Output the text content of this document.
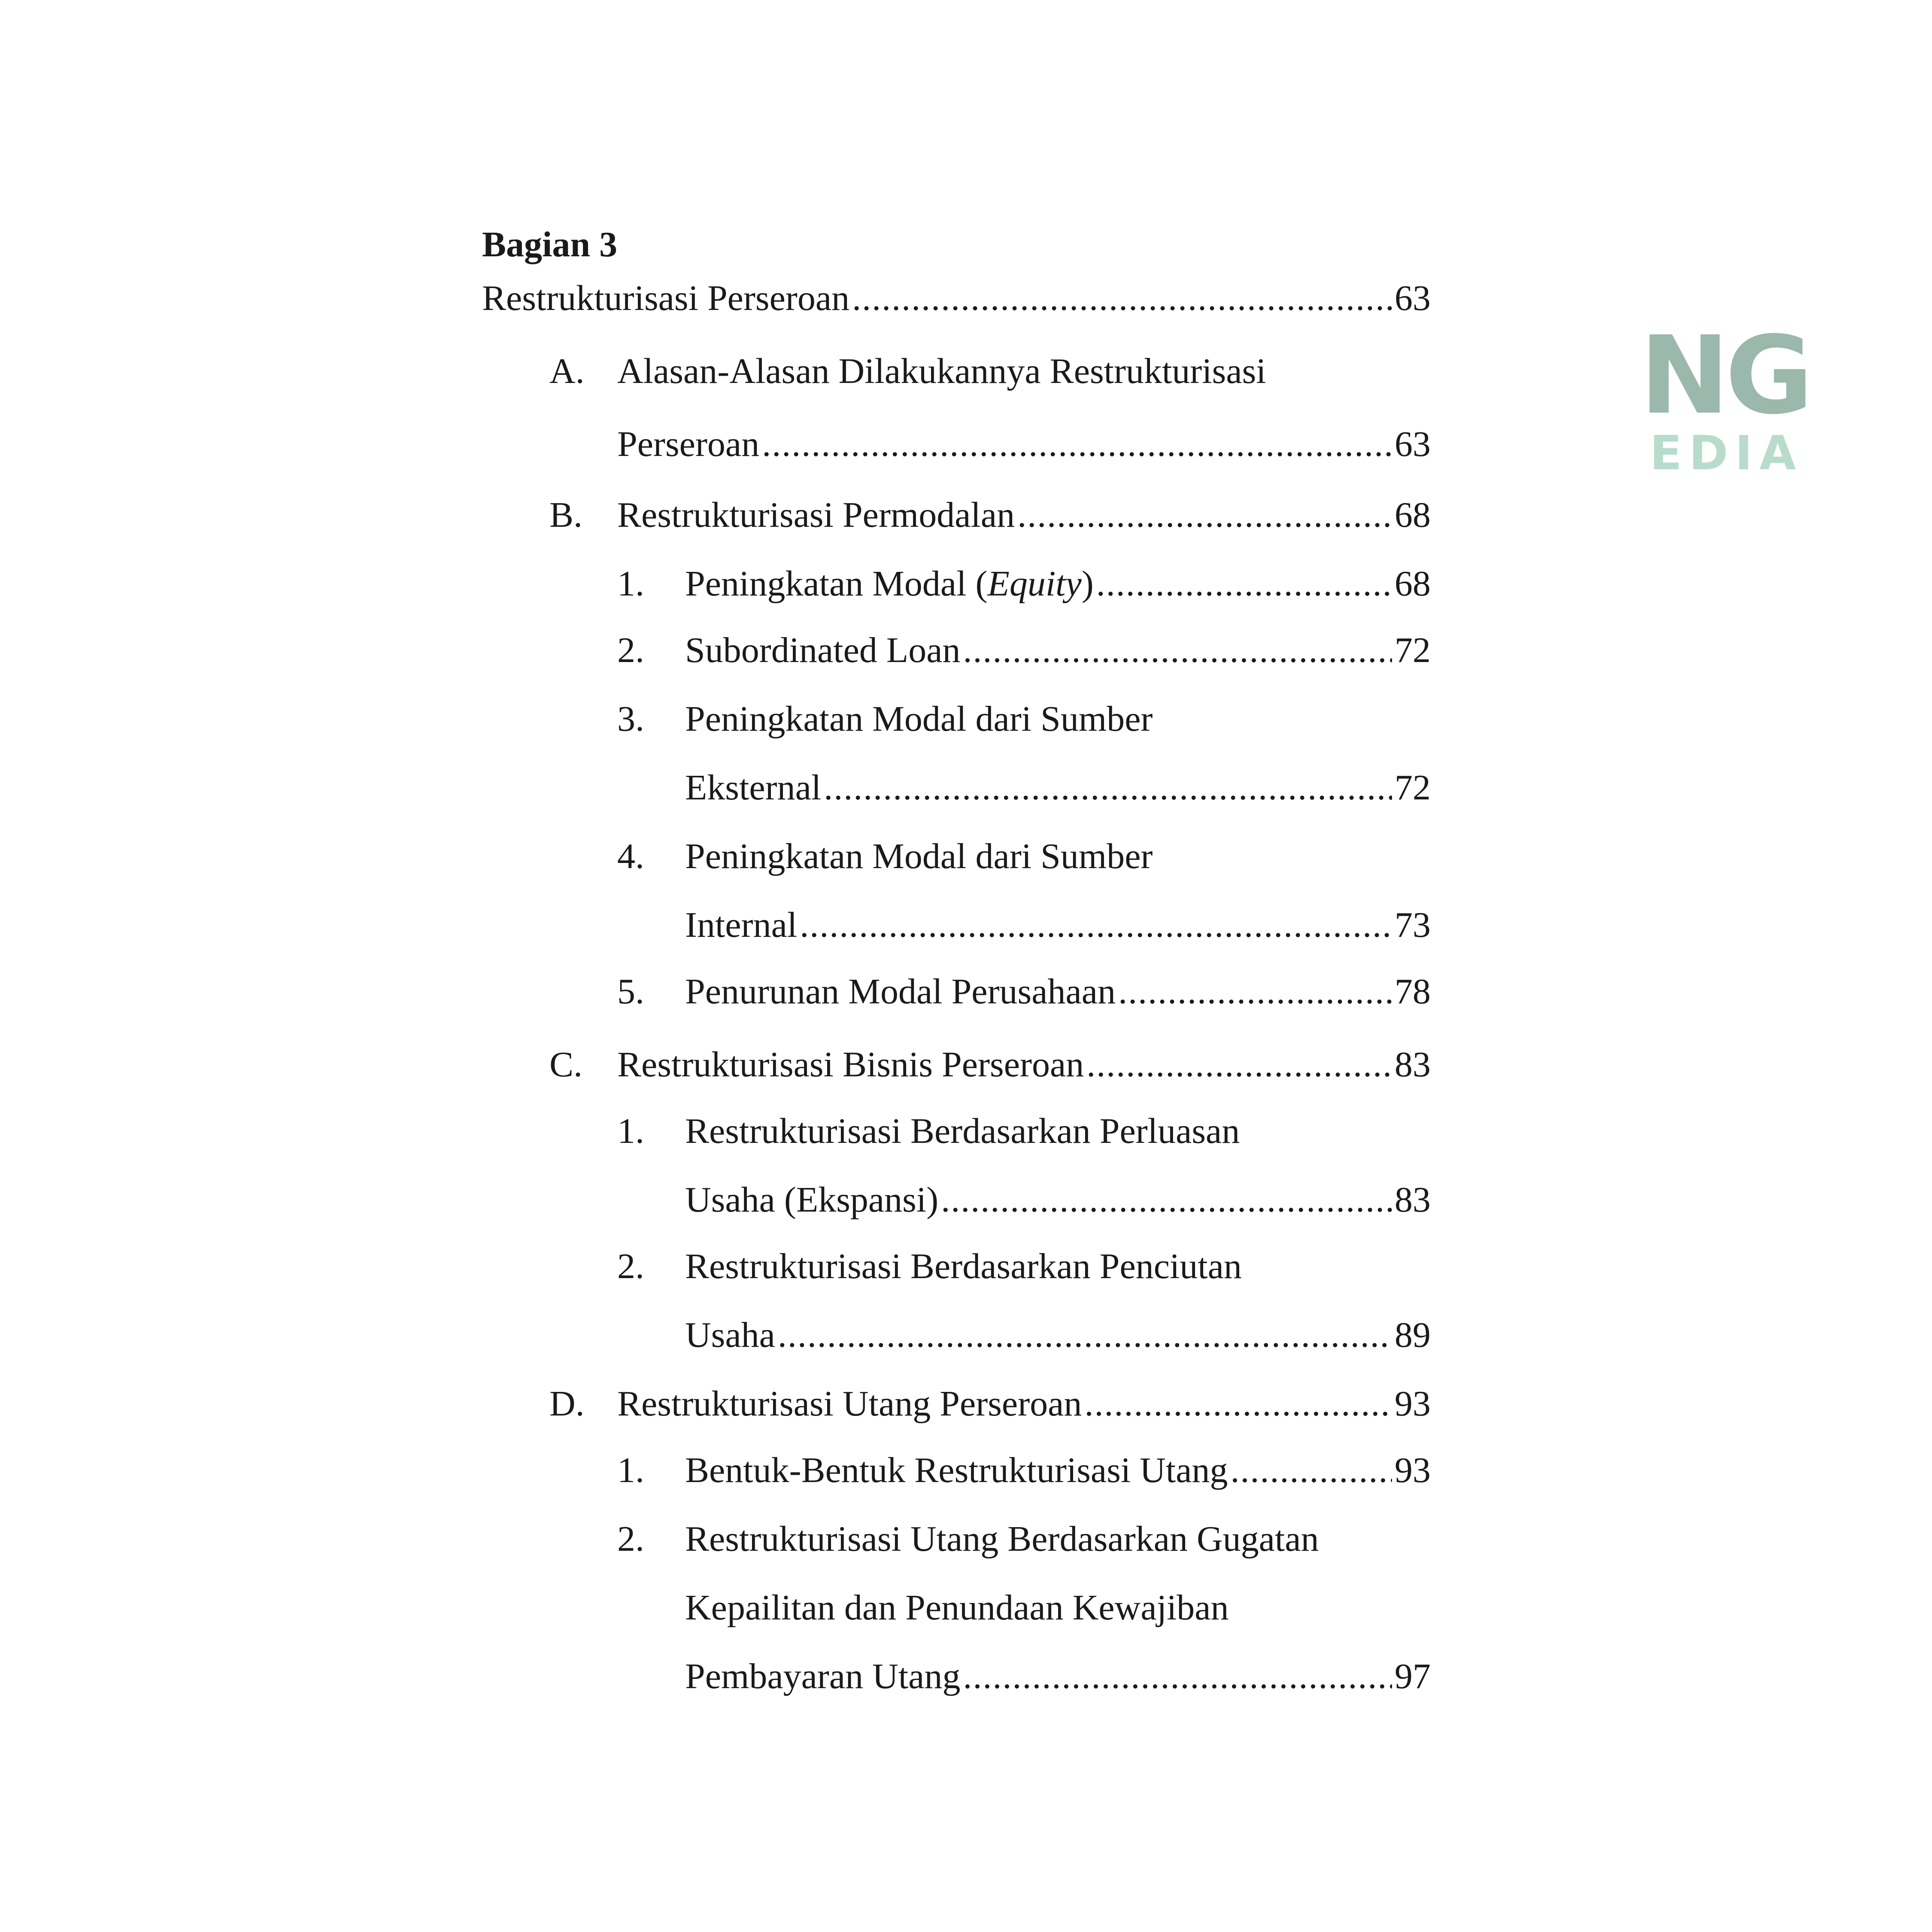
Bagian 3
Restrukturisasi Perseroan .....	63
A. Alasan-Alasan Dilakukannya Restrukturisasi
Perseroan .....	63
B. Restrukturisasi Permodalan .....	68
1. Peningkatan Modal (Equity) .....	68
2. Subordinated Loan .....	72
3. Peningkatan Modal dari Sumber
Eksternal .....	72
4. Peningkatan Modal dari Sumber
Internal .....	73
5. Penurunan Modal Perusahaan .....	78
C. Restrukturisasi Bisnis Perseroan .....	83
1. Restrukturisasi Berdasarkan Perluasan
Usaha (Ekspansi) .....	83
2. Restrukturisasi Berdasarkan Penciutan
Usaha .....	89
D. Restrukturisasi Utang Perseroan .....	93
1. Bentuk-Bentuk Restrukturisasi Utang .....	93
2. Restrukturisasi Utang Berdasarkan Gugatan
Kepailitan dan Penundaan Kewajiban
Pembayaran Utang .....	97
NG
EDIA
